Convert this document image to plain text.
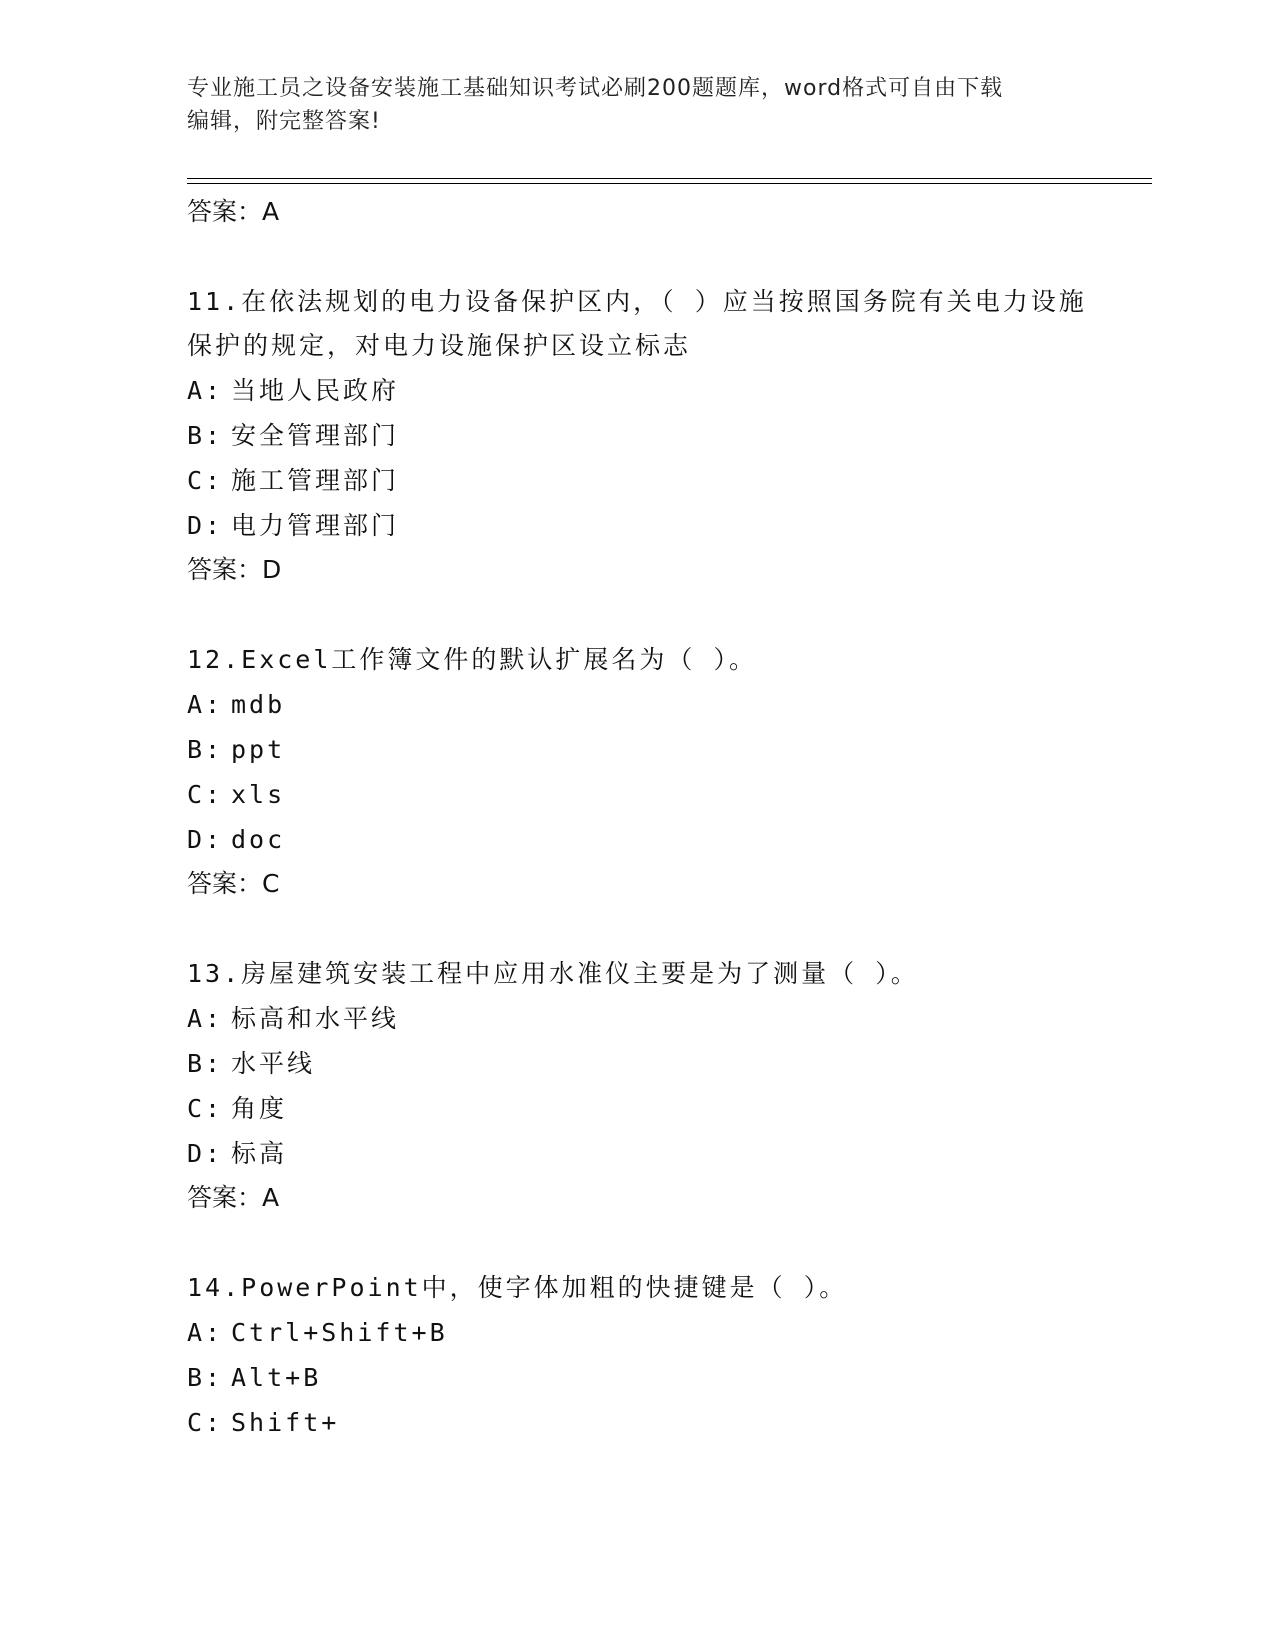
专业施工员之设备安装施工基础知识考试必刷200题题库，word格式可自由下载
编辑，附完整答案!
答案：A
11.在依法规划的电力设备保护区内，（ ）应当按照国务院有关电力设施保护的规定，对电力设施保护区设立标志
A: 当地人民政府
B: 安全管理部门
C: 施工管理部门
D: 电力管理部门
答案：D
12.Excel工作簿文件的默认扩展名为（ ）。
A: mdb
B: ppt
C: xls
D: doc
答案：C
13.房屋建筑安装工程中应用水准仪主要是为了测量（ ）。
A: 标高和水平线
B: 水平线
C: 角度
D: 标高
答案：A
14.PowerPoint中，使字体加粗的快捷键是（ ）。
A: Ctrl+Shift+B
B: Alt+B
C: Shift+
